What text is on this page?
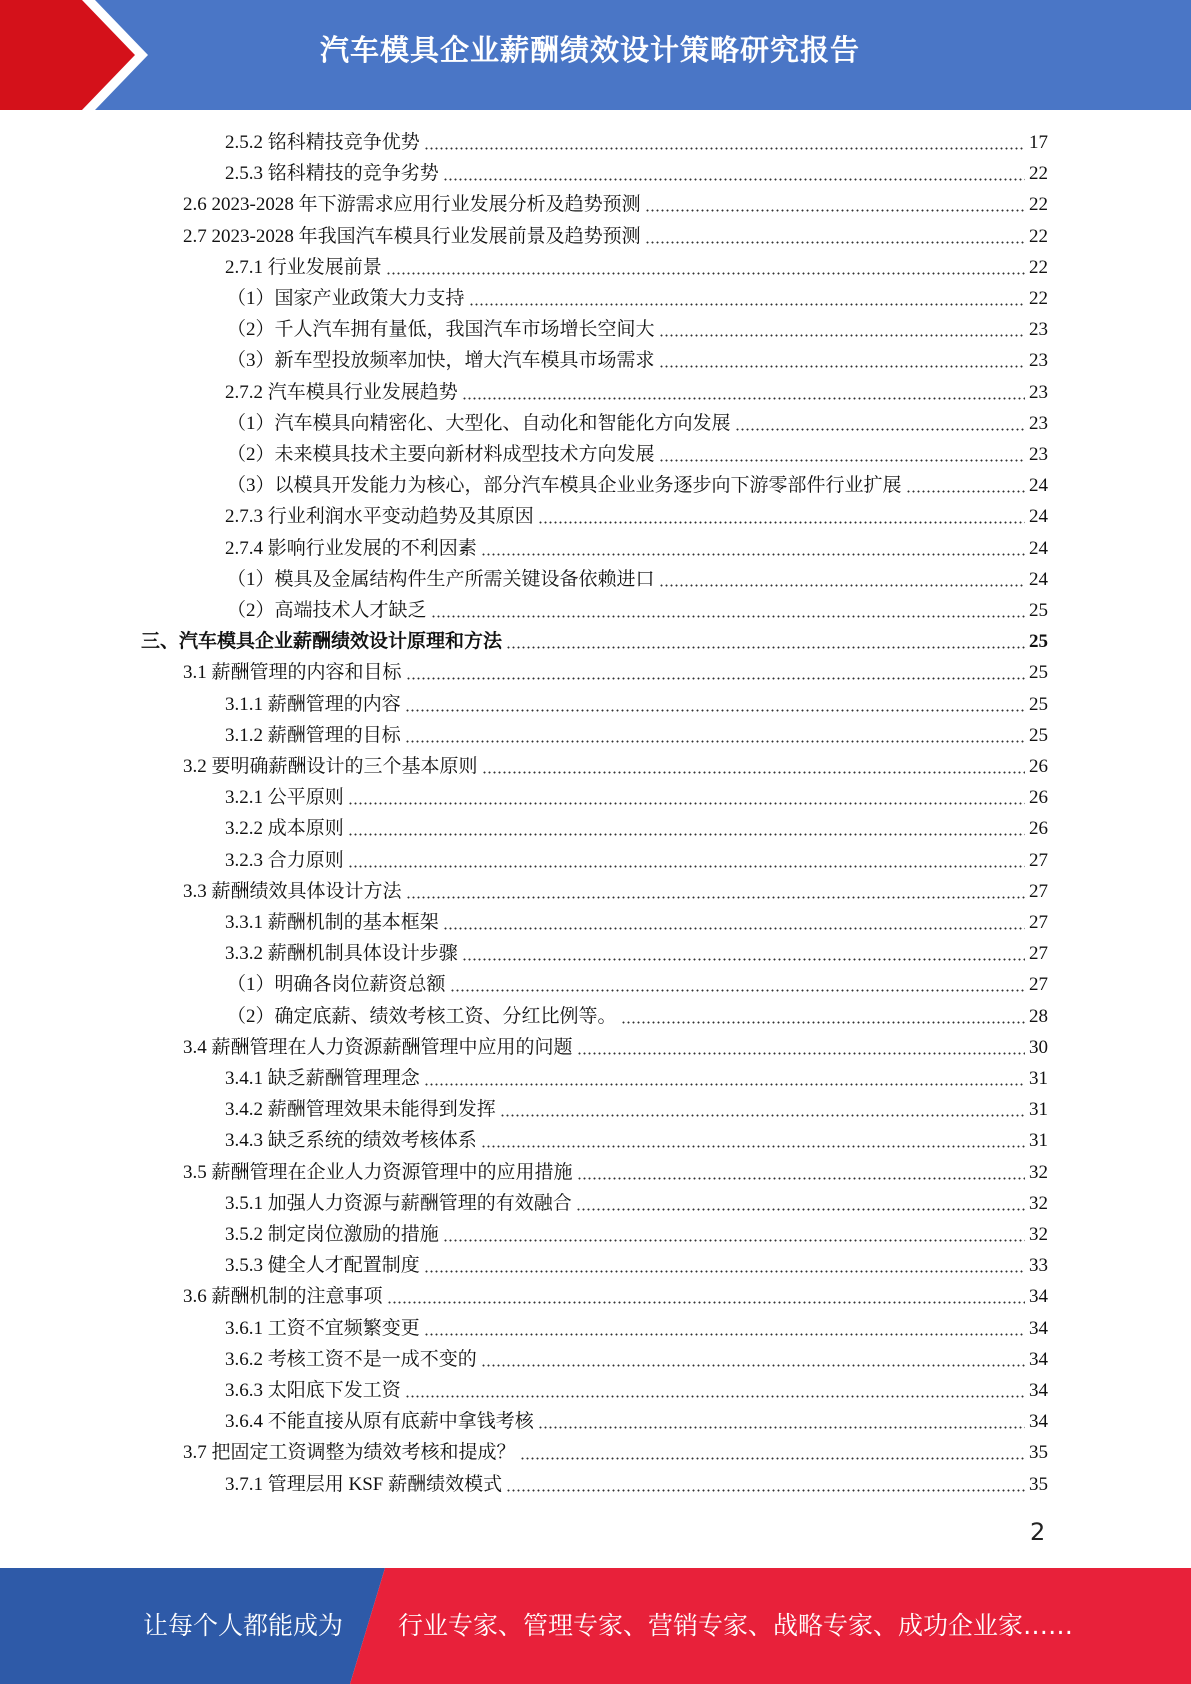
汽车模具企业薪酬绩效设计策略研究报告
2.5.2 铭科精技竞争优势	17
2.5.3 铭科精技的竞争劣势	22
2.6 2023-2028 年下游需求应用行业发展分析及趋势预测	22
2.7 2023-2028 年我国汽车模具行业发展前景及趋势预测	22
2.7.1 行业发展前景	22
（1）国家产业政策大力支持	22
（2）千人汽车拥有量低，我国汽车市场增长空间大	23
（3）新车型投放频率加快，增大汽车模具市场需求	23
2.7.2 汽车模具行业发展趋势	23
（1）汽车模具向精密化、大型化、自动化和智能化方向发展	23
（2）未来模具技术主要向新材料成型技术方向发展	23
（3）以模具开发能力为核心，部分汽车模具企业业务逐步向下游零部件行业扩展	24
2.7.3 行业利润水平变动趋势及其原因	24
2.7.4 影响行业发展的不利因素	24
（1）模具及金属结构件生产所需关键设备依赖进口	24
（2）高端技术人才缺乏	25
三、汽车模具企业薪酬绩效设计原理和方法	25
3.1 薪酬管理的内容和目标	25
3.1.1 薪酬管理的内容	25
3.1.2 薪酬管理的目标	25
3.2 要明确薪酬设计的三个基本原则	26
3.2.1 公平原则	26
3.2.2 成本原则	26
3.2.3 合力原则	27
3.3 薪酬绩效具体设计方法	27
3.3.1 薪酬机制的基本框架	27
3.3.2 薪酬机制具体设计步骤	27
（1）明确各岗位薪资总额	27
（2）确定底薪、绩效考核工资、分红比例等。	28
3.4 薪酬管理在人力资源薪酬管理中应用的问题	30
3.4.1 缺乏薪酬管理理念	31
3.4.2 薪酬管理效果未能得到发挥	31
3.4.3 缺乏系统的绩效考核体系	31
3.5 薪酬管理在企业人力资源管理中的应用措施	32
3.5.1 加强人力资源与薪酬管理的有效融合	32
3.5.2 制定岗位激励的措施	32
3.5.3 健全人才配置制度	33
3.6 薪酬机制的注意事项	34
3.6.1 工资不宜频繁变更	34
3.6.2 考核工资不是一成不变的	34
3.6.3 太阳底下发工资	34
3.6.4 不能直接从原有底薪中拿钱考核	34
3.7 把固定工资调整为绩效考核和提成？	35
3.7.1 管理层用 KSF 薪酬绩效模式	35
2
让每个人都能成为 行业专家、管理专家、营销专家、战略专家、成功企业家……
